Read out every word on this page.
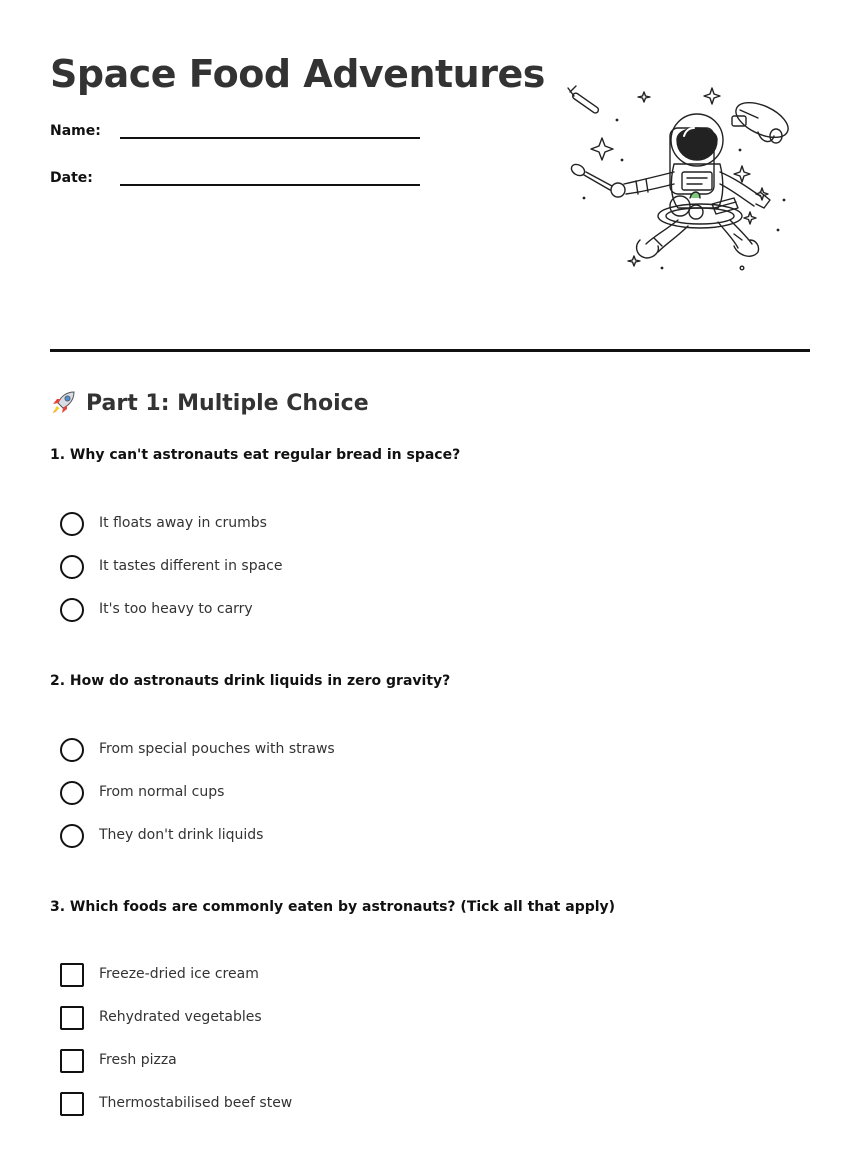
Space Food Adventures
Name:
Date:
Part 1: Multiple Choice

1. Why can't astronauts eat regular bread in space?

It floats away in crumbs
It tastes different in space
It's too heavy to carry

2. How do astronauts drink liquids in zero gravity?

From special pouches with straws
From normal cups
They don't drink liquids

3. Which foods are commonly eaten by astronauts? (Tick all that apply)

Freeze-dried ice cream
Rehydrated vegetables
Fresh pizza
Thermostabilised beef stew
